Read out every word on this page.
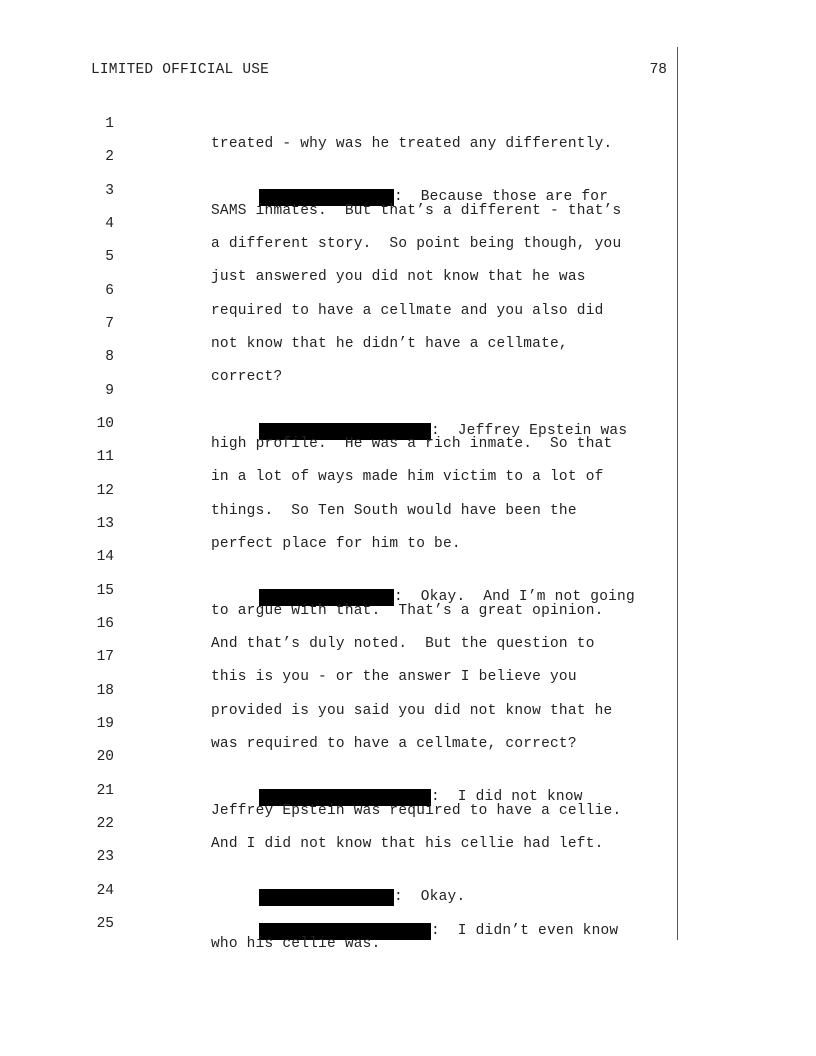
LIMITED OFFICIAL USE	78

1

treated - why was he treated any differently.

2

:  Because those are for

3

SAMS inmates.  But that’s a different - that’s

4

a different story.  So point being though, you

5

just answered you did not know that he was

6

required to have a cellmate and you also did

7

not know that he didn’t have a cellmate,

8

correct?

9

:  Jeffrey Epstein was

10

high profile.  He was a rich inmate.  So that

11

in a lot of ways made him victim to a lot of

12

things.  So Ten South would have been the

13

perfect place for him to be.

14

:  Okay.  And I’m not going

15

to argue with that.  That’s a great opinion.

16

And that’s duly noted.  But the question to

17

this is you - or the answer I believe you

18

provided is you said you did not know that he

19

was required to have a cellmate, correct?

20

:  I did not know

21

Jeffrey Epstein was required to have a cellie.

22

And I did not know that his cellie had left.

23

:  Okay.

24

:  I didn’t even know

25

who his cellie was.
